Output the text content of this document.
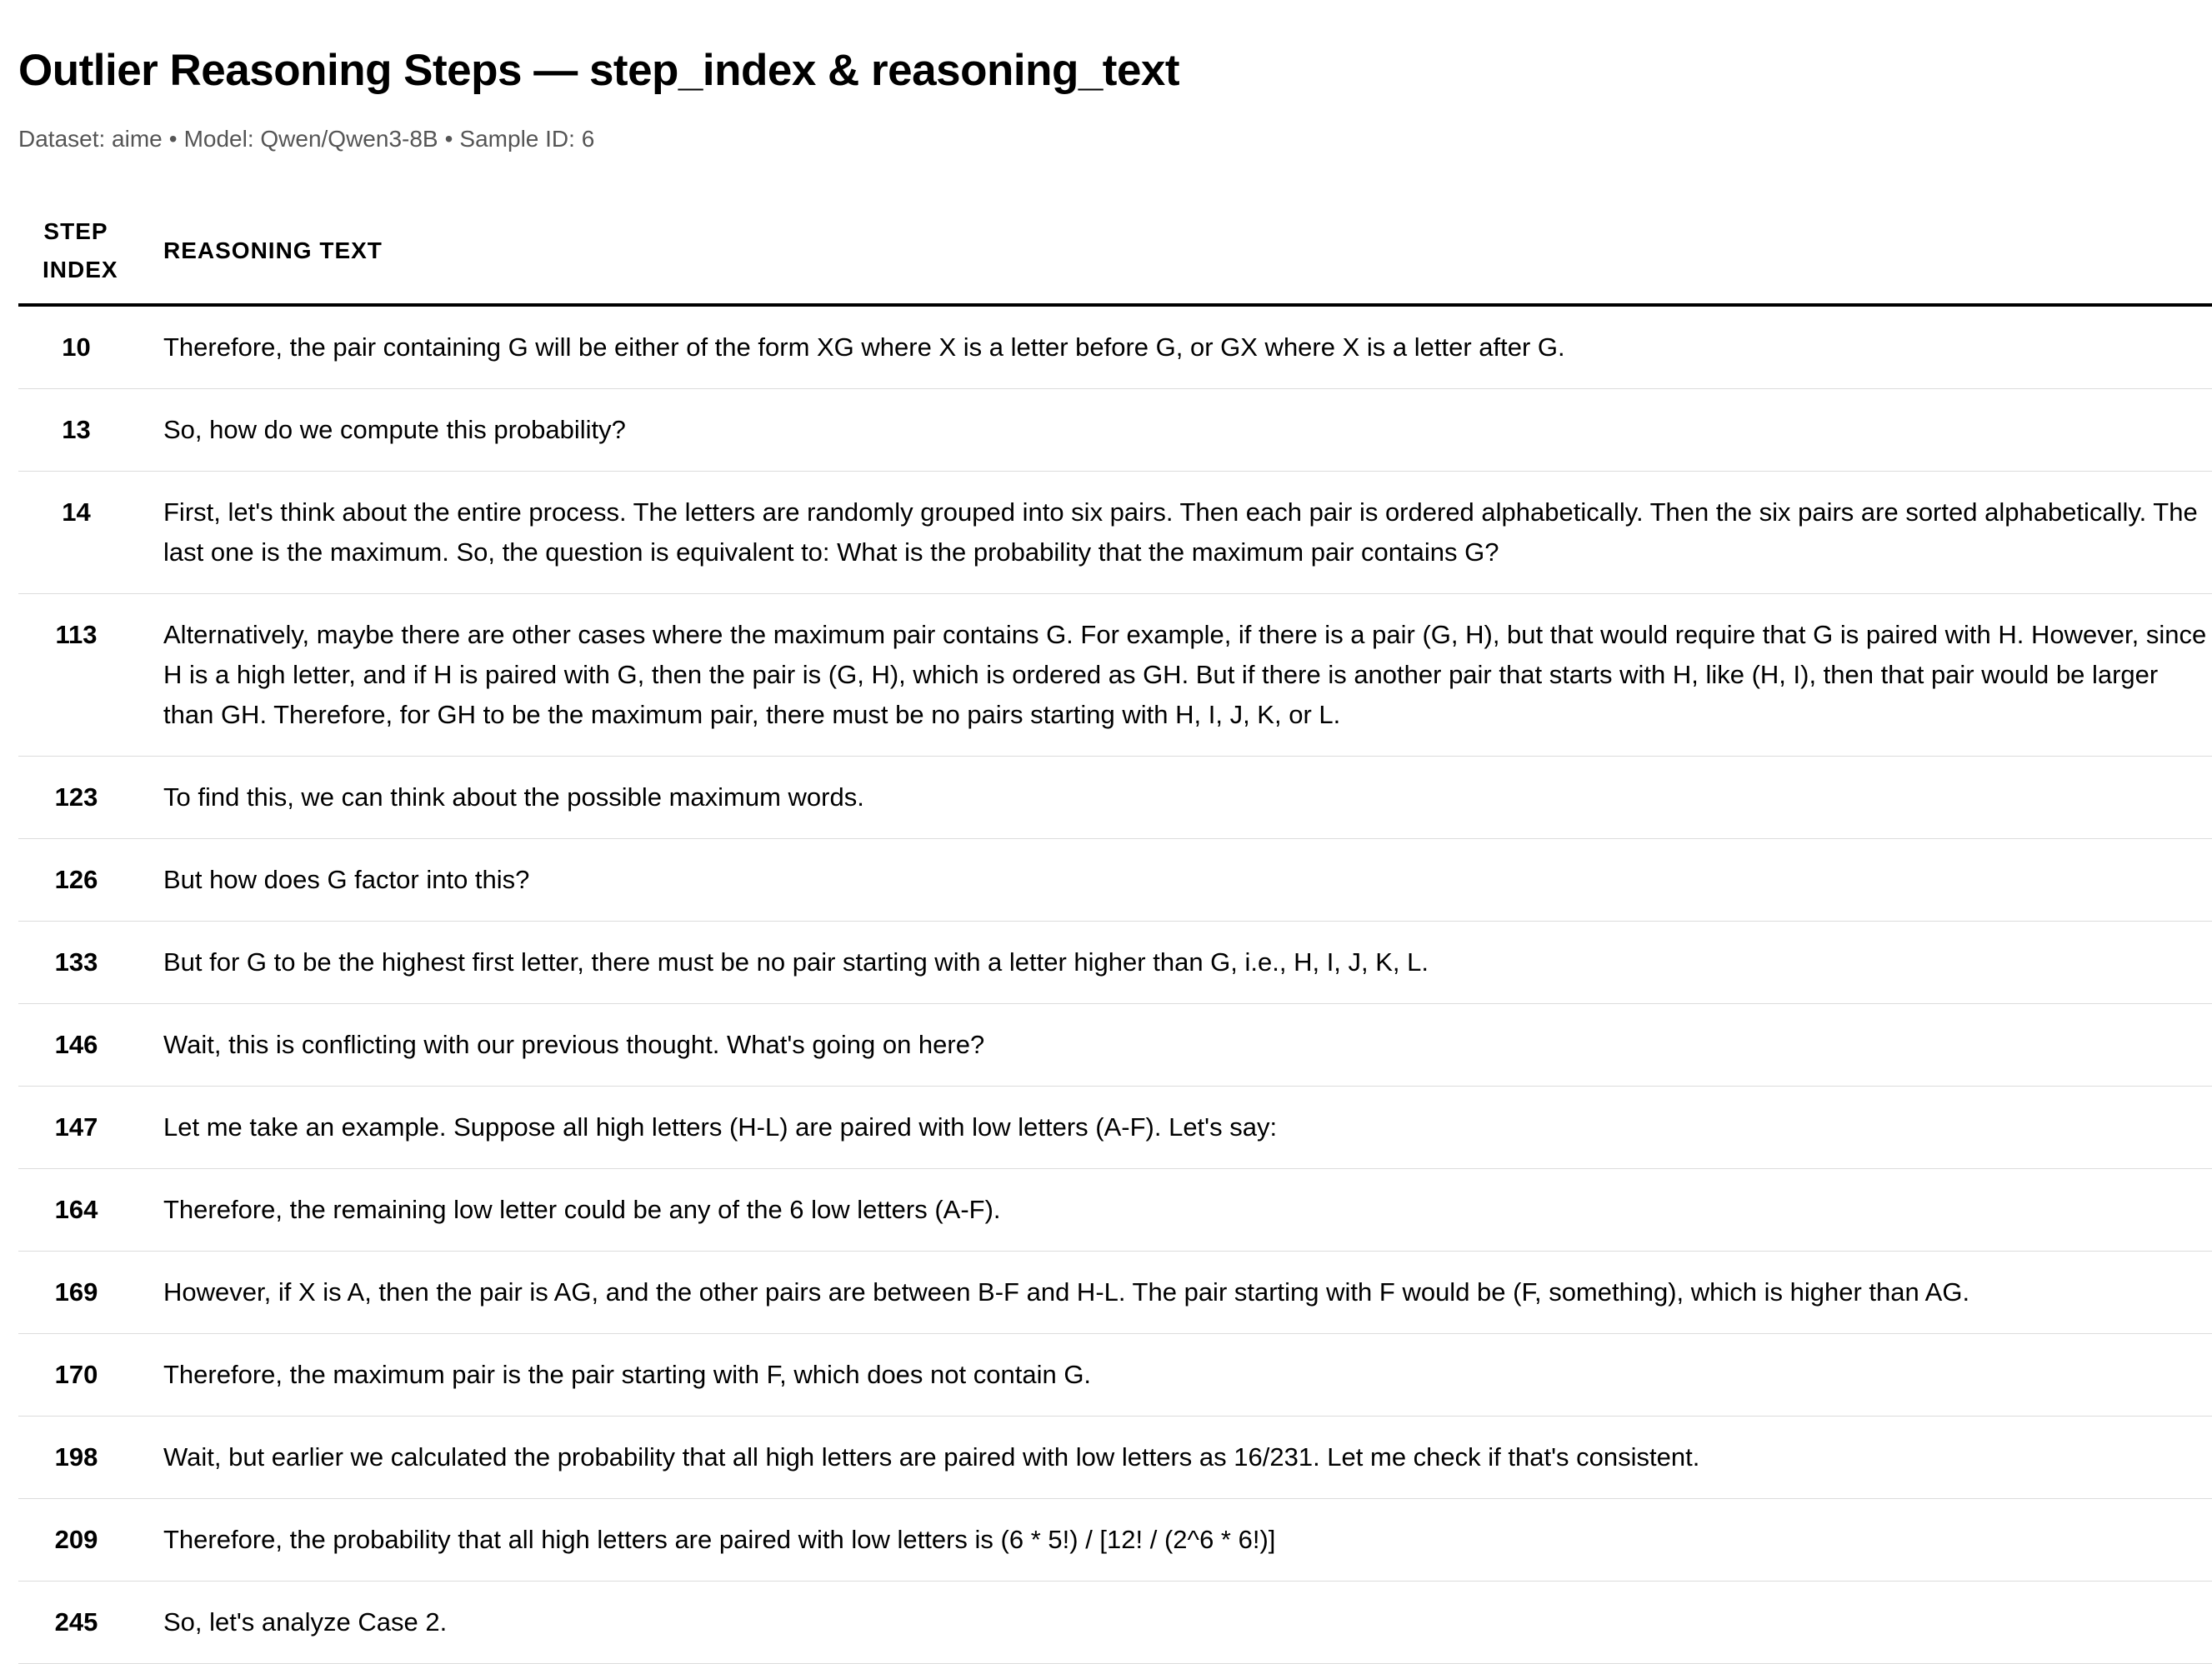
Outlier Reasoning Steps — step_index & reasoning_text
Dataset: aime • Model: Qwen/Qwen3-8B • Sample ID: 6
STEP INDEX	REASONING TEXT
10	Therefore, the pair containing G will be either of the form XG where X is a letter before G, or GX where X is a letter after G.
13	So, how do we compute this probability?
14	First, let's think about the entire process. The letters are randomly grouped into six pairs. Then each pair is ordered alphabetically. Then the six pairs are sorted alphabetically. The last one is the maximum. So, the question is equivalent to: What is the probability that the maximum pair contains G?
113	Alternatively, maybe there are other cases where the maximum pair contains G. For example, if there is a pair (G, H), but that would require that G is paired with H. However, since H is a high letter, and if H is paired with G, then the pair is (G, H), which is ordered as GH. But if there is another pair that starts with H, like (H, I), then that pair would be larger than GH. Therefore, for GH to be the maximum pair, there must be no pairs starting with H, I, J, K, or L.
123	To find this, we can think about the possible maximum words.
126	But how does G factor into this?
133	But for G to be the highest first letter, there must be no pair starting with a letter higher than G, i.e., H, I, J, K, L.
146	Wait, this is conflicting with our previous thought. What's going on here?
147	Let me take an example. Suppose all high letters (H-L) are paired with low letters (A-F). Let's say:
164	Therefore, the remaining low letter could be any of the 6 low letters (A-F).
169	However, if X is A, then the pair is AG, and the other pairs are between B-F and H-L. The pair starting with F would be (F, something), which is higher than AG.
170	Therefore, the maximum pair is the pair starting with F, which does not contain G.
198	Wait, but earlier we calculated the probability that all high letters are paired with low letters as 16/231. Let me check if that's consistent.
209	Therefore, the probability that all high letters are paired with low letters is (6 * 5!) / [12! / (2^6 * 6!)]
245	So, let's analyze Case 2.
